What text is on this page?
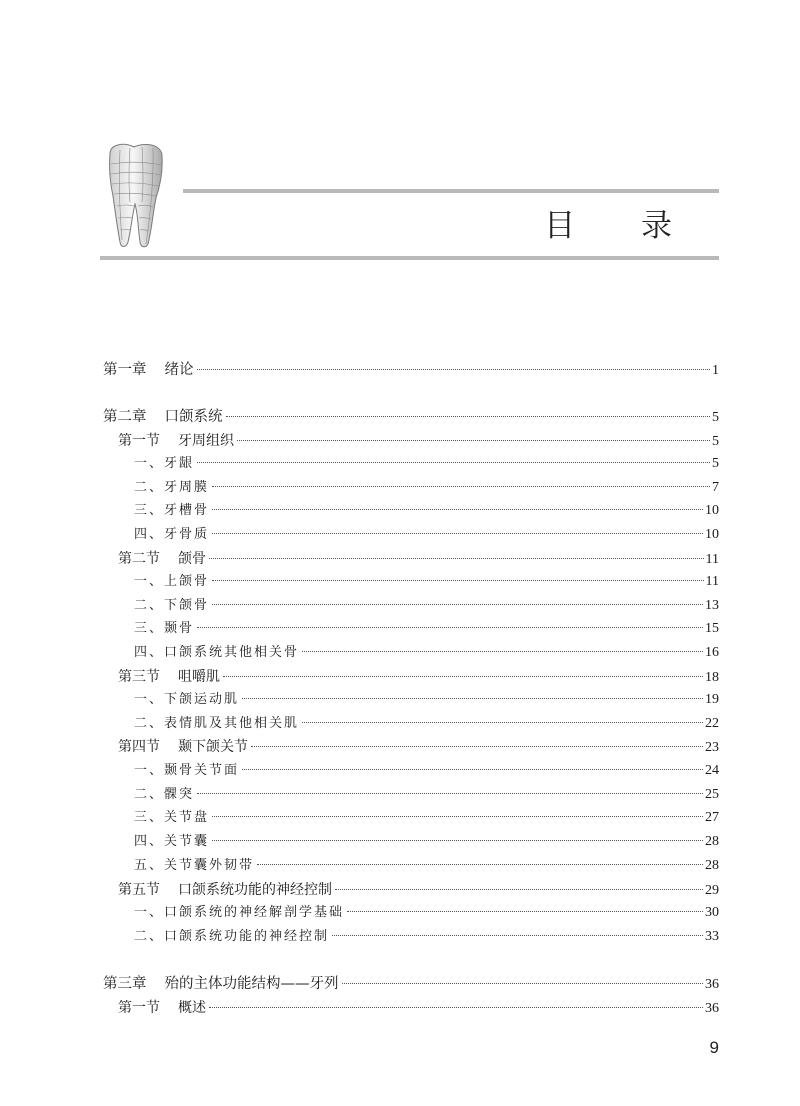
目 录
第一章 绪论	1
第二章 口颌系统	5
第一节 牙周组织	5
一、牙龈	5
二、牙周膜	7
三、牙槽骨	10
四、牙骨质	10
第二节 颌骨	11
一、上颌骨	11
二、下颌骨	13
三、颞骨	15
四、口颌系统其他相关骨	16
第三节 咀嚼肌	18
一、下颌运动肌	19
二、表情肌及其他相关肌	22
第四节 颞下颌关节	23
一、颞骨关节面	24
二、髁突	25
三、关节盘	27
四、关节囊	28
五、关节囊外韧带	28
第五节 口颌系统功能的神经控制	29
一、口颌系统的神经解剖学基础	30
二、口颌系统功能的神经控制	33
第三章 殆的主体功能结构——牙列	36
第一节 概述	36
9
